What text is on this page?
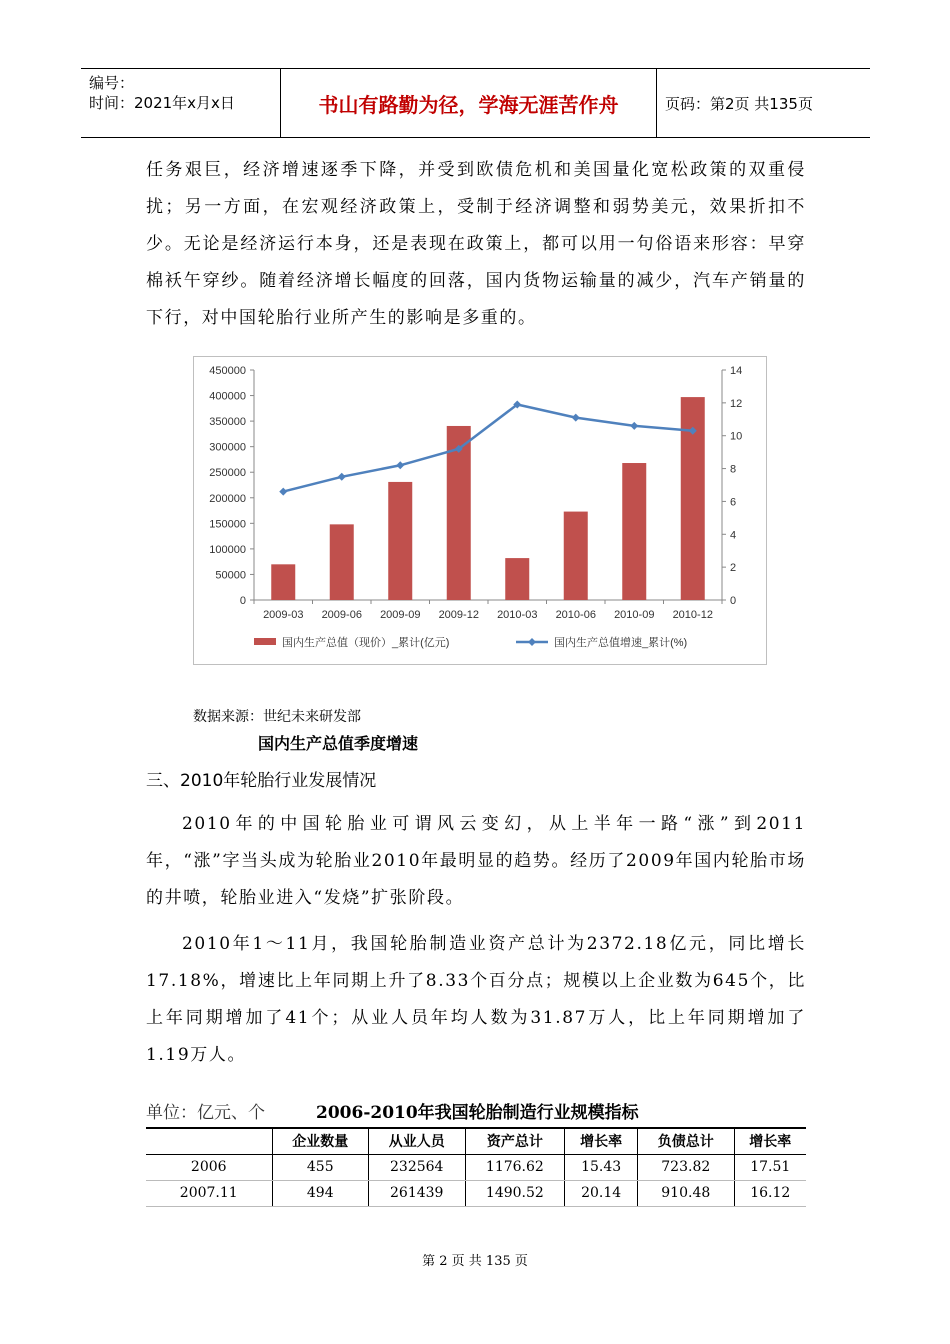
编号：
时间：2021年x月x日	书山有路勤为径，学海无涯苦作舟	页码：第2页 共135页

任务艰巨，经济增速逐季下降，并受到欧债危机和美国量化宽松政策的双重侵扰；另一方面，在宏观经济政策上，受制于经济调整和弱势美元，效果折扣不少。无论是经济运行本身，还是表现在政策上，都可以用一句俗语来形容：早穿棉袄午穿纱。随着经济增长幅度的回落，国内货物运输量的减少，汽车产销量的下行，对中国轮胎行业所产生的影响是多重的。

0
50000
100000
150000
200000
250000
300000
350000
400000
450000
0
2
4
6
8
10
12
14
2009-03 2009-06 2009-09 2009-12 2010-03 2010-06 2010-09 2010-12
国内生产总值（现价）_累计(亿元)	国内生产总值增速_累计(%)
数据来源：世纪未来研发部
国内生产总值季度增速
三、2010年轮胎行业发展情况

2010年的中国轮胎业可谓风云变幻，从上半年一路“涨”到2011年，“涨”字当头成为轮胎业2010年最明显的趋势。经历了2009年国内轮胎市场的井喷，轮胎业进入“发烧”扩张阶段。

2010年1～11月，我国轮胎制造业资产总计为2372.18亿元，同比增长17.18%，增速比上年同期上升了8.33个百分点；规模以上企业数为645个，比上年同期增加了41个；从业人员年均人数为31.87万人，比上年同期增加了1.19万人。

单位：亿元、个	2006-2010年我国轮胎制造行业规模指标
	企业数量	从业人员	资产总计	增长率	负债总计	增长率
2006	455	232564	1176.62	15.43	723.82	17.51
2007.11	494	261439	1490.52	20.14	910.48	16.12
第 2 页 共 135 页
